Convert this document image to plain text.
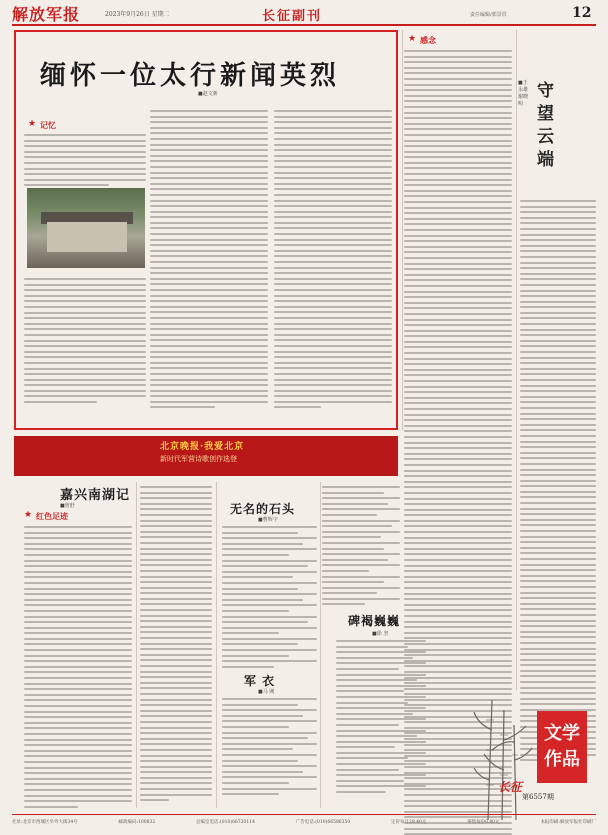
解放军报	2023年9月26日 星期二	长征副刊	责任编辑/郭景洪	12
缅怀一位太行新闻英烈
■赵文新
★ 记忆
★ 感念
守望云端
■王永雄 谢晓明
北京晚报·我爱北京
新时代军营诗歌创作选登
嘉兴南湖记
■詹舒
★ 红色足迹	无名的石头
■曹辉宇
军 衣
■马 刚
碑褐巍巍
■徐 坚
文学作品
长征
第6557期
社址:北京市西城区阜外大街34号	邮政编码:100832	总编室电话:(010)66720114	广告电话:(010)66586350	定价每月29.40元	零售每份0.80元	本报印刷:解放军报社印刷厂
